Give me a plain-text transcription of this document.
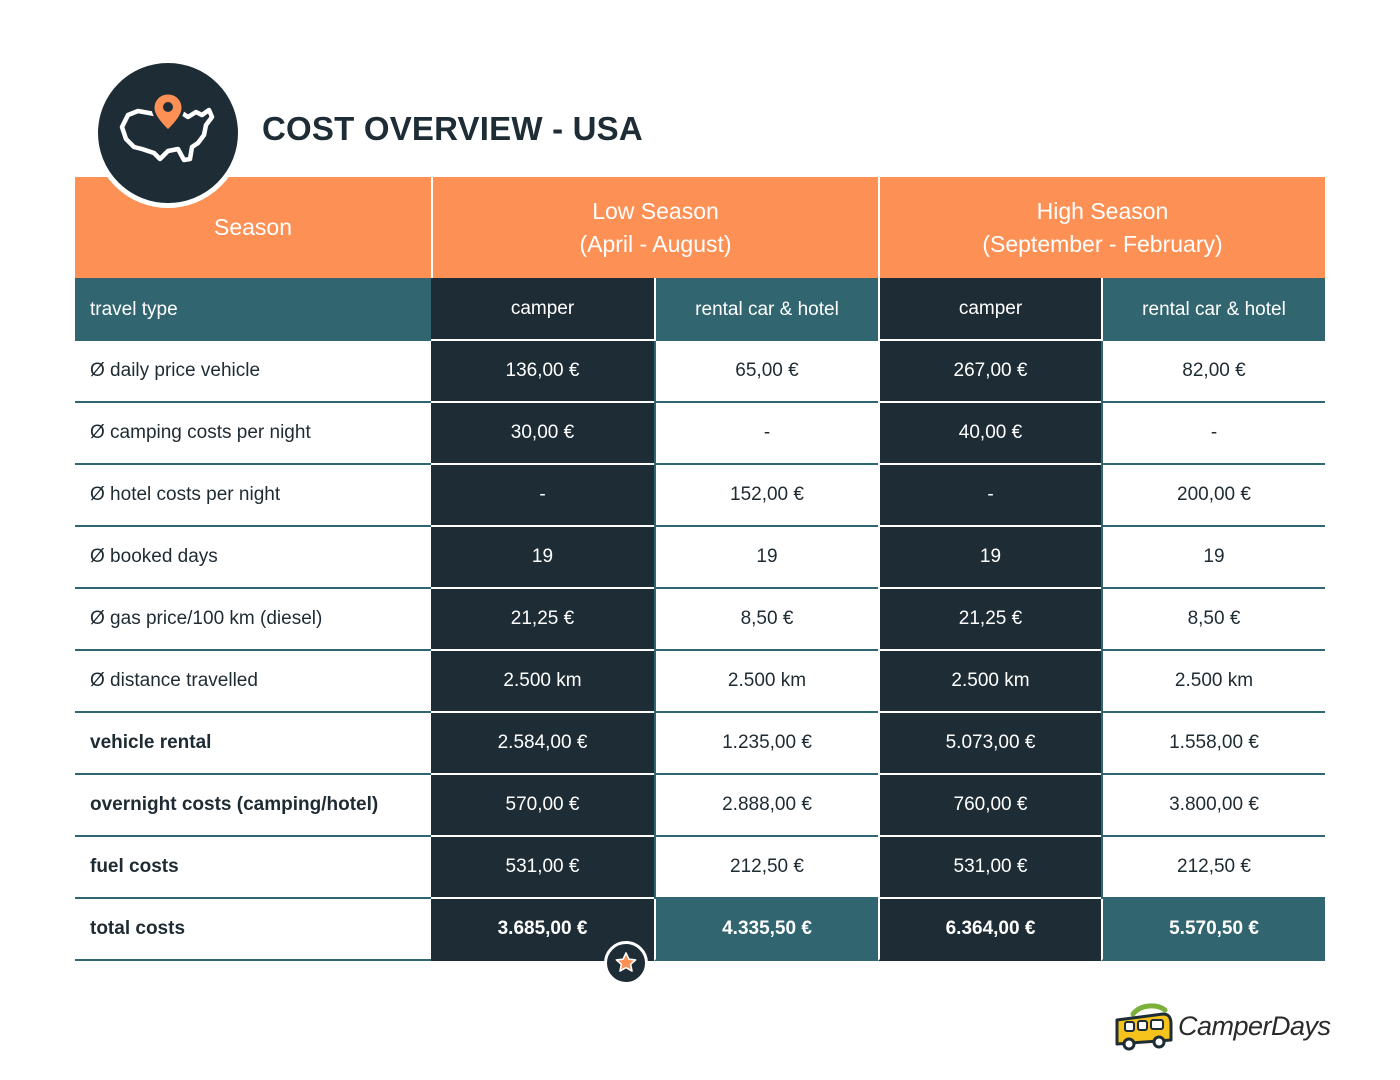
COST OVERVIEW - USA
Season
Low Season
(April - August)
High Season
(September - February)
travel type	camper	rental car & hotel	camper	rental car & hotel
Ø daily price vehicle	136,00 €	65,00 €	267,00 €	82,00 €
Ø camping costs per night	30,00 €	-	40,00 €	-
Ø hotel costs per night	-	152,00 €	-	200,00 €
Ø booked days	19	19	19	19
Ø gas price/100 km (diesel)	21,25 €	8,50 €	21,25 €	8,50 €
Ø distance travelled	2.500 km	2.500 km	2.500 km	2.500 km
vehicle rental	2.584,00 €	1.235,00 €	5.073,00 €	1.558,00 €
overnight costs (camping/hotel)	570,00 €	2.888,00 €	760,00 €	3.800,00 €
fuel costs	531,00 €	212,50 €	531,00 €	212,50 €
total costs	3.685,00 €	4.335,50 €	6.364,00 €	5.570,50 €
CamperDays
